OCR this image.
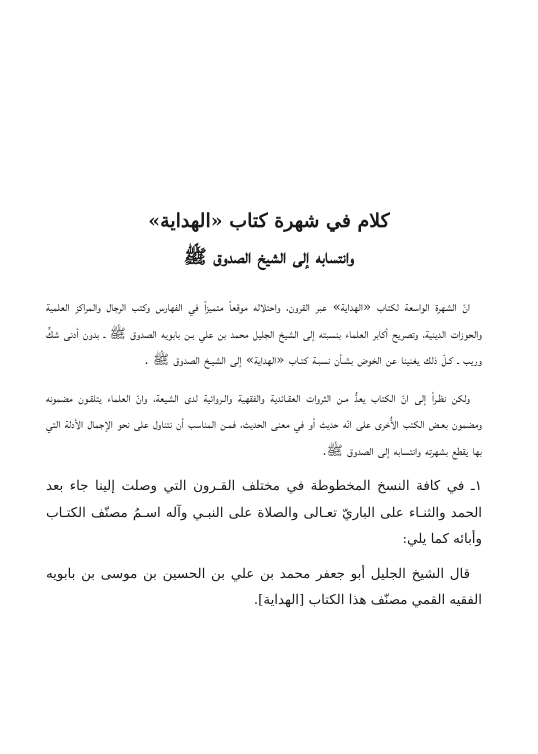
كلام في شهرة كتاب «الهداية»
وانتسابه إلى الشيخ الصدوق ﷺ

انّ الشهرة الواسعة لكتاب «الهداية» عبر القرون، واحتلاله موقعاً متميزاً في الفهارس وكتب الرجال والمراكز العلمية والحوزات الدينية، وتصريح أكابر العلماء بنسبته إلى الشيخ الجليل محمد بن علي بـن بابويه الصدوق ﷺ ـ بدون أدنى شكٍّ وريب ـ كـلّ ذلك يغنينا عن الخوض بشـأن نسبـة كتـاب «الهداية» إلى الشيـخ الصدوق ﷺ .

ولكن نظـراً إلى انّ الكتاب يعدُّ مـن الثروات العقـائدية والفقهية والـروائية لدى الشيعة، وانّ العلماء يتلقـون مضمونه ومضمون بعـض الكتب الأُخرى على انّه حديث أو في معنى الحديث، فمـن المناسب أن نتناول على نحو الإجمال الأدلة التي بها يقطع بشهرته وانتسابه إلى الصدوق ﷺ.

١ـ في كافة النسخ المخطوطة في مختلف القـرون التي وصلت إلينا جاء بعد الحمد والثنـاء على الباريّ تعـالى والصلاة على النبـي وآله اسـمُ مصنّف الكتـاب وأبائه كما يلي:

قال الشيخ الجليل أبو جعفر محمد بن علي بن الحسين بن موسى بن بابويه الفقيه القمي مصنّف هذا الكتاب [الهداية].
